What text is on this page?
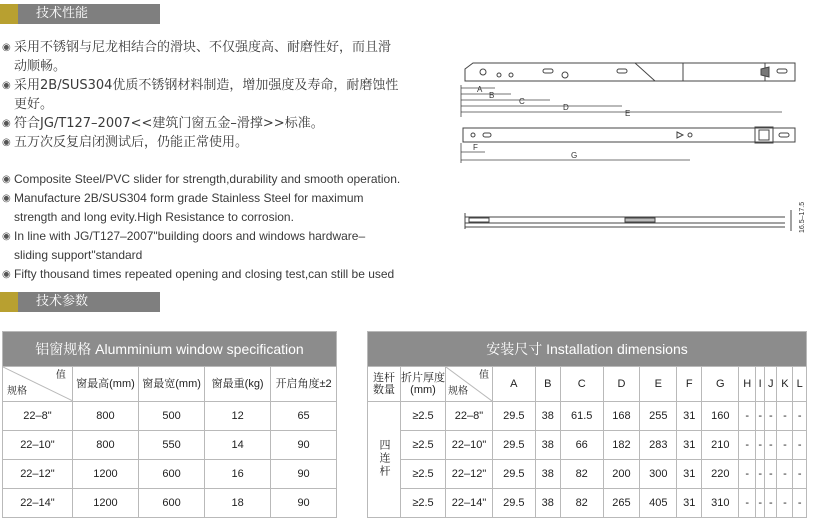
技术性能
◉ 采用不锈钢与尼龙相结合的滑块、不仅强度高、耐磨性好，而且滑动顺畅。
◉ 采用2B/SUS304优质不锈钢材料制造，增加强度及寿命，耐磨蚀性更好。
◉ 符合JG/T127–2007<<建筑门窗五金–滑撑>>标准。
◉ 五万次反复启闭测试后，仍能正常使用。
◉ Composite Steel/PVC slider for strength,durability and smooth operation.
◉ Manufacture 2B/SUS304 form grade Stainless Steel for maximum strength and long evity.High Resistance to corrosion.
◉ In line with JG/T127–2007"building doors and windows hardware–sliding support"standard
◉ Fifty thousand times repeated opening and closing test,can still be used
A
B
C
D
E
F
G
16.5–17.5
技术参数
铝窗规格 Alumminium window specification				

值
规格	窗最高(mm)	窗最宽(mm)	窗最重(kg)	开启角度±2
22–8"	800	500	12	65
22–10"	800	550	14	90
22–12"	1200	600	16	90
22–14"	1200	600	18	90
安装尺寸 Installation dimensions														
连杆数量	折片厚度(mm)	值
规格	A	B	C	D	E	F	G	H	I	J	K	L
四连杆	≥2.5	22–8"	29.5	38	61.5	168	255	31	160	-	-	-	-	-
	≥2.5	22–10"	29.5	38	66	182	283	31	210	-	-	-	-	-
	≥2.5	22–12"	29.5	38	82	200	300	31	220	-	-	-	-	-
	≥2.5	22–14"	29.5	38	82	265	405	31	310	-	-	-	-	-
